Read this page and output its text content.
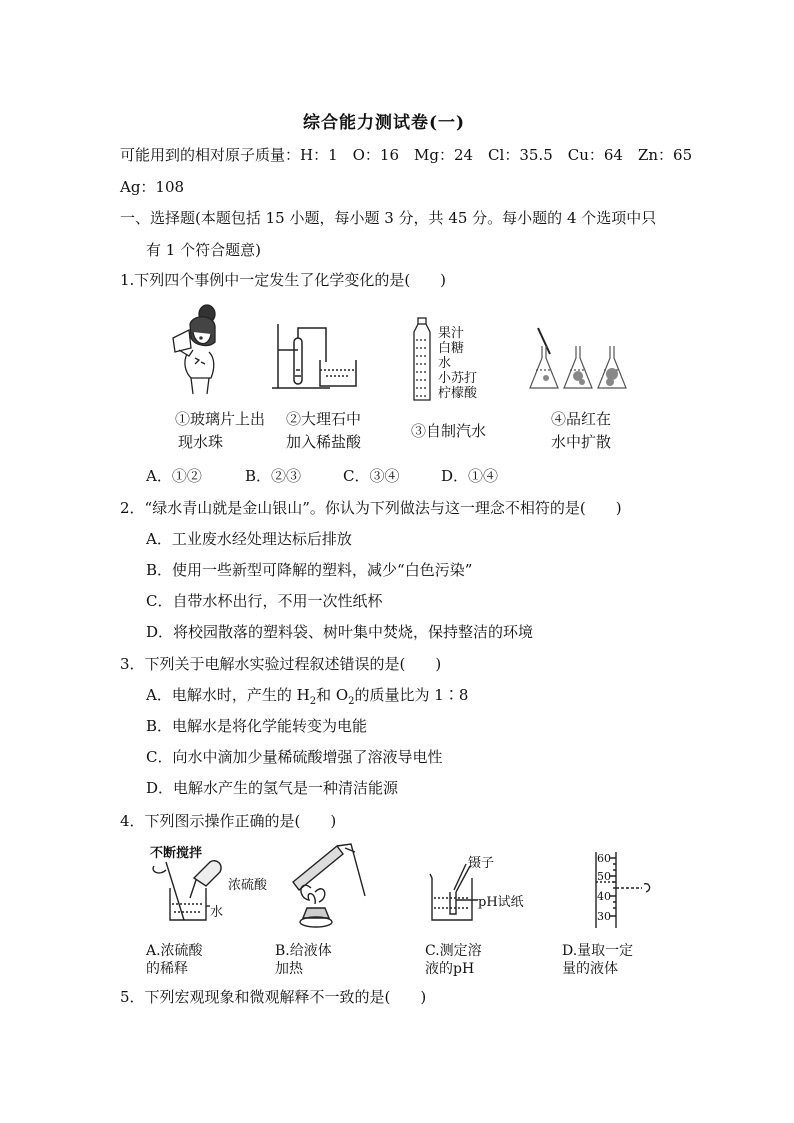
综合能力测试卷(一)
可能用到的相对原子质量：H：1　O：16　Mg：24　Cl：35.5　Cu：64　Zn：65
Ag：108
一、选择题(本题包括 15 小题，每小题 3 分，共 45 分。每小题的 4 个选项中只
有 1 个符合题意)
1.下列四个事例中一定发生了化学变化的是(　　)
果汁
白糖
水
小苏打
柠檬酸
①玻璃片上出
现水珠
②大理石中
加入稀盐酸
③自制汽水
④品红在
水中扩散
A．①②	B．②③	C．③④	D．①④
2．“绿水青山就是金山银山”。你认为下列做法与这一理念不相符的是(　　)
A．工业废水经处理达标后排放
B．使用一些新型可降解的塑料，减少“白色污染”
C．自带水杯出行，不用一次性纸杯
D．将校园散落的塑料袋、树叶集中焚烧，保持整洁的环境
3．下列关于电解水实验过程叙述错误的是(　　)
A．电解水时，产生的 $H_2$和 $O_2$的质量比为 1∶8
B．电解水是将化学能转变为电能
C．向水中滴加少量稀硫酸增强了溶液导电性
D．电解水产生的氢气是一种清洁能源
4．下列图示操作正确的是(　　)
不断搅拌
浓硫酸
水
镊子
pH试纸
60
50
40
30
A.浓硫酸
的稀释
B.给液体
加热
C.测定溶
液的pH
D.量取一定
量的液体
5．下列宏观现象和微观解释不一致的是(　　)
